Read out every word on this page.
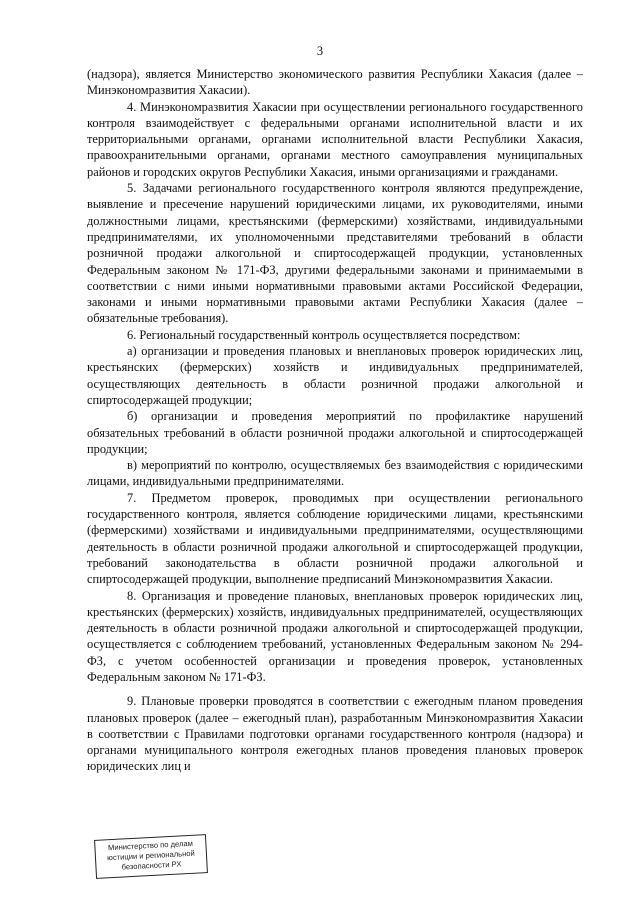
3

(надзора), является Министерство экономического развития Республики Хакасия (далее – Минэкономразвития Хакасии).

4. Минэкономразвития Хакасии при осуществлении регионального государственного контроля взаимодействует с федеральными органами исполнительной власти и их территориальными органами, органами исполнительной власти Республики Хакасия, правоохранительными органами, органами местного самоуправления муниципальных районов и городских округов Республики Хакасия, иными организациями и гражданами.

5. Задачами регионального государственного контроля являются предупреждение, выявление и пресечение нарушений юридическими лицами, их руководителями, иными должностными лицами, крестьянскими (фермерскими) хозяйствами, индивидуальными предпринимателями, их уполномоченными представителями требований в области розничной продажи алкогольной и спиртосодержащей продукции, установленных Федеральным законом № 171-ФЗ, другими федеральными законами и принимаемыми в соответствии с ними иными нормативными правовыми актами Российской Федерации, законами и иными нормативными правовыми актами Республики Хакасия (далее – обязательные требования).

6. Региональный государственный контроль осуществляется посредством:

а) организации и проведения плановых и внеплановых проверок юридических лиц, крестьянских (фермерских) хозяйств и индивидуальных предпринимателей, осуществляющих деятельность в области розничной продажи алкогольной и спиртосодержащей продукции;

б) организации и проведения мероприятий по профилактике нарушений обязательных требований в области розничной продажи алкогольной и спиртосодержащей продукции;

в) мероприятий по контролю, осуществляемых без взаимодействия с юридическими лицами, индивидуальными предпринимателями.

7. Предметом проверок, проводимых при осуществлении регионального государственного контроля, является соблюдение юридическими лицами, крестьянскими (фермерскими) хозяйствами и индивидуальными предпринимателями, осуществляющими деятельность в области розничной продажи алкогольной и спиртосодержащей продукции, требований законодательства в области розничной продажи алкогольной и спиртосодержащей продукции, выполнение предписаний Минэкономразвития Хакасии.

8. Организация и проведение плановых, внеплановых проверок юридических лиц, крестьянских (фермерских) хозяйств, индивидуальных предпринимателей, осуществляющих деятельность в области розничной продажи алкогольной и спиртосодержащей продукции, осуществляется с соблюдением требований, установленных Федеральным законом № 294-ФЗ, с учетом особенностей организации и проведения проверок, установленных Федеральным законом № 171-ФЗ.

9. Плановые проверки проводятся в соответствии с ежегодным планом проведения плановых проверок (далее – ежегодный план), разработанным Минэкономразвития Хакасии в соответствии с Правилами подготовки органами государственного контроля (надзора) и органами муниципального контроля ежегодных планов проведения плановых проверок юридических лиц и

Министерство по делам
юстиции и региональной
безопасности РХ
